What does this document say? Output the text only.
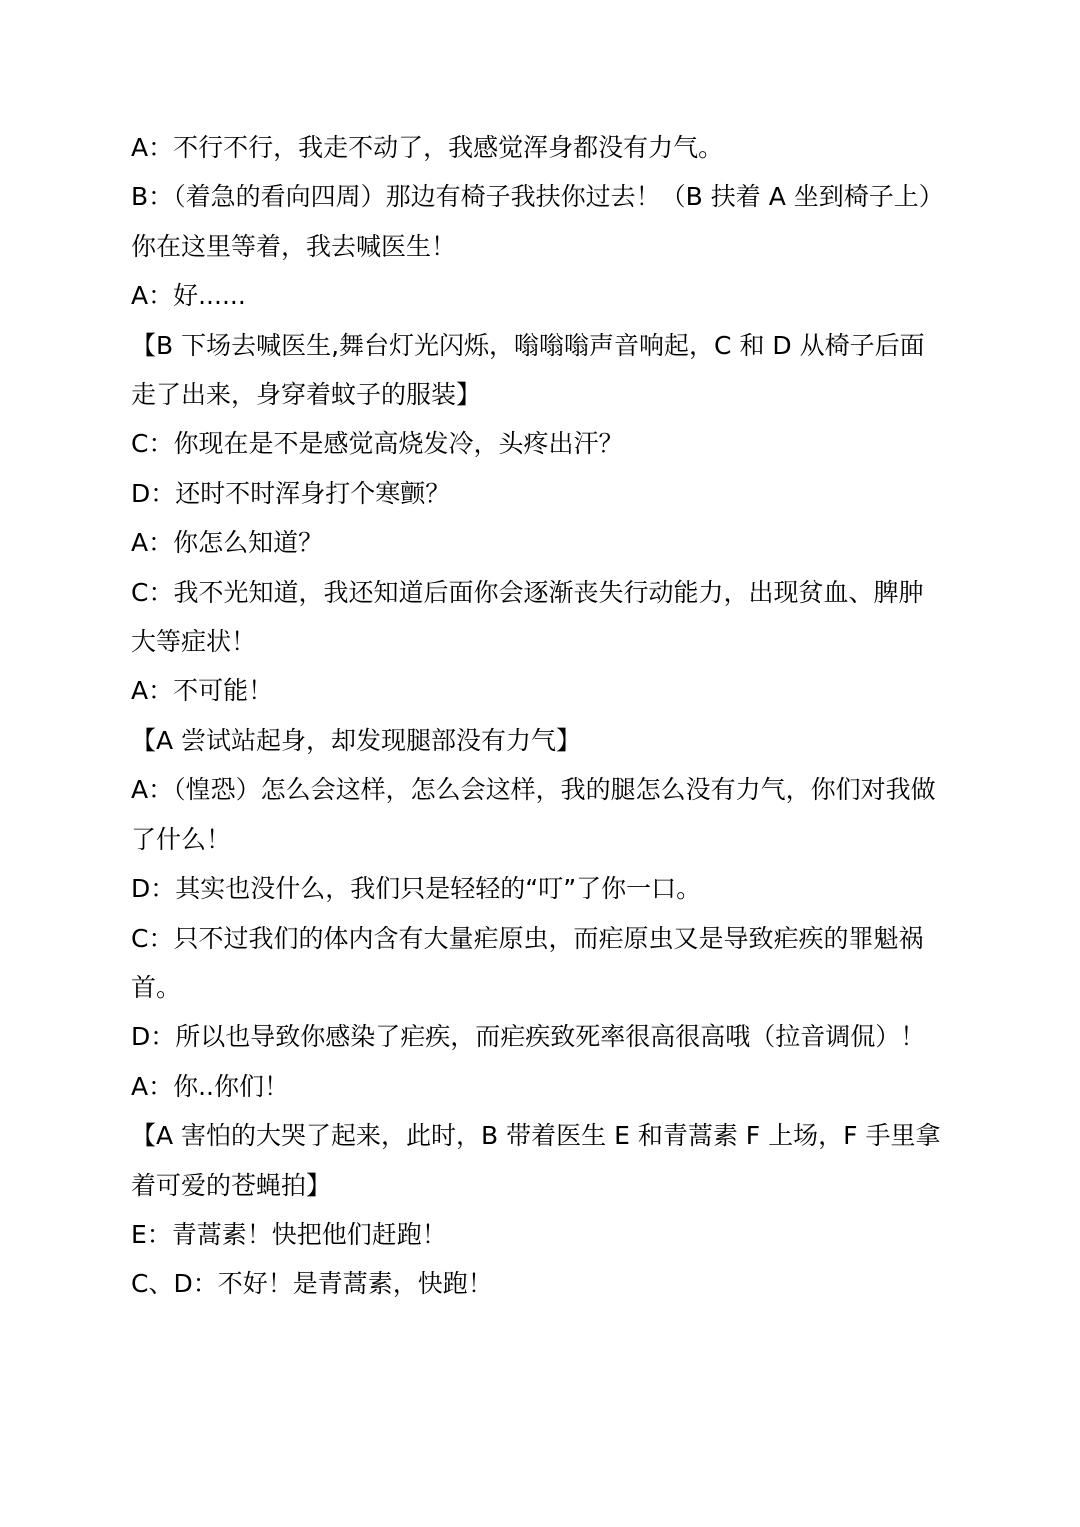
A：不行不行，我走不动了，我感觉浑身都没有力气。

B：（着急的看向四周）那边有椅子我扶你过去！（B 扶着 A 坐到椅子上）你在这里等着，我去喊医生！

A：好......

【B 下场去喊医生,舞台灯光闪烁，嗡嗡嗡声音响起，C 和 D 从椅子后面走了出来，身穿着蚊子的服装】

C：你现在是不是感觉高烧发冷，头疼出汗？

D：还时不时浑身打个寒颤？

A：你怎么知道？

C：我不光知道，我还知道后面你会逐渐丧失行动能力，出现贫血、脾肿大等症状！

A：不可能！

【A 尝试站起身，却发现腿部没有力气】

A：（惶恐）怎么会这样，怎么会这样，我的腿怎么没有力气，你们对我做了什么！

D：其实也没什么，我们只是轻轻的“叮”了你一口。

C：只不过我们的体内含有大量疟原虫，而疟原虫又是导致疟疾的罪魁祸首。

D：所以也导致你感染了疟疾，而疟疾致死率很高很高哦（拉音调侃）！

A：你..你们！

【A 害怕的大哭了起来，此时，B 带着医生 E 和青蒿素 F 上场，F 手里拿着可爱的苍蝇拍】

E：青蒿素！快把他们赶跑！

C、D：不好！是青蒿素，快跑！
